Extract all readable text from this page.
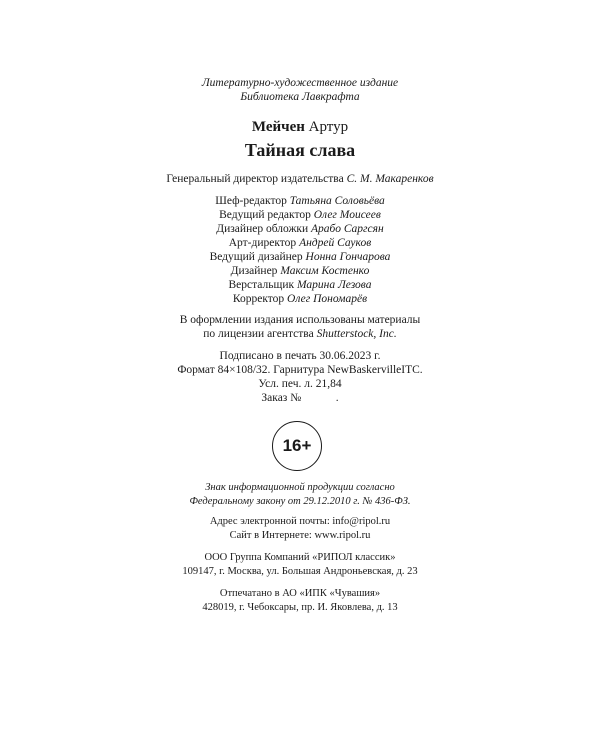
Литературно-художественное издание
Библиотека Лавкрафта
Мейчен Артур
Тайная слава
Генеральный директор издательства С. М. Макаренков
Шеф-редактор Татьяна Соловьёва
Ведущий редактор Олег Моисеев
Дизайнер обложки Арабо Саргсян
Арт-директор Андрей Сауков
Ведущий дизайнер Нонна Гончарова
Дизайнер Максим Костенко
Верстальщик Марина Лезова
Корректор Олег Пономарёв
В оформлении издания использованы материалы
по лицензии агентства Shutterstock, Inc.
Подписано в печать 30.06.2023 г.
Формат 84×108/32. Гарнитура NewBaskervilleITC.
Усл. печ. л. 21,84
Заказ №            .
16+
Знак информационной продукции согласно
Федеральному закону от 29.12.2010 г. № 436-ФЗ.
Адрес электронной почты: info@ripol.ru
Сайт в Интернете: www.ripol.ru
ООО Группа Компаний «РИПОЛ классик»
109147, г. Москва, ул. Большая Андроньевская, д. 23
Отпечатано в АО «ИПК «Чувашия»
428019, г. Чебоксары, пр. И. Яковлева, д. 13
